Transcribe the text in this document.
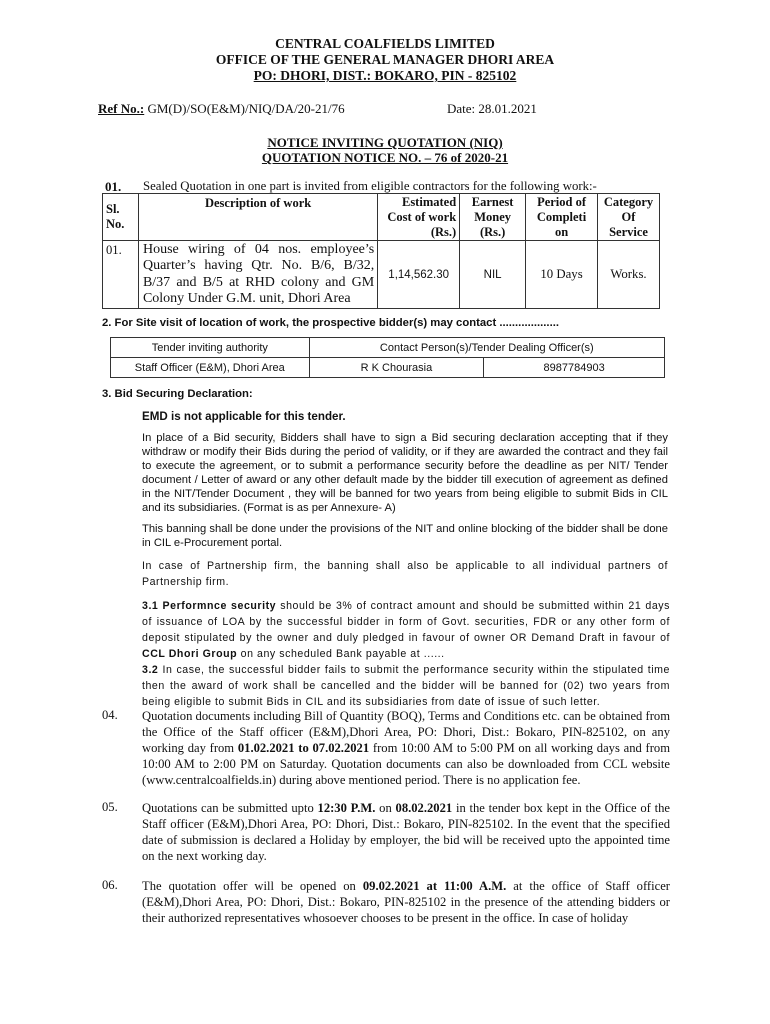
CENTRAL COALFIELDS LIMITED
OFFICE OF THE GENERAL MANAGER DHORI AREA
PO: DHORI, DIST.: BOKARO, PIN - 825102
Ref No.: GM(D)/SO(E&M)/NIQ/DA/20-21/76	Date: 28.01.2021
NOTICE INVITING QUOTATION (NIQ)
QUOTATION NOTICE NO. – 76 of 2020-21
01. Sealed Quotation in one part is invited from eligible contractors for the following work:-
Sl. No.	Description of work	Estimated Cost of work (Rs.)	Earnest Money (Rs.)	Period of Completi on	Category Of Service
01.	House wiring of 04 nos. employee’s Quarter’s having Qtr. No. B/6, B/32, B/37 and B/5 at RHD colony and GM Colony Under G.M. unit, Dhori Area	1,14,562.30	NIL	10 Days	Works.
2. For Site visit of location of work, the prospective bidder(s) may contact ...................
Tender inviting authority	Contact Person(s)/Tender Dealing Officer(s)	
Staff Officer (E&M), Dhori Area	R K Chourasia	8987784903
3. Bid Securing Declaration:
EMD is not applicable for this tender.
In place of a Bid security, Bidders shall have to sign a Bid securing declaration accepting that if they withdraw or modify their Bids during the period of validity, or if they are awarded the contract and they fail to execute the agreement, or to submit a performance security before the deadline as per NIT/ Tender document / Letter of award or any other default made by the bidder till execution of agreement as defined in the NIT/Tender Document , they will be banned for two years from being eligible to submit Bids in CIL and its subsidiaries. (Format is as per Annexure- A)
This banning shall be done under the provisions of the NIT and online blocking of the bidder shall be done in CIL e-Procurement portal.
In case of Partnership firm, the banning shall also be applicable to all individual partners of Partnership firm.
3.1 Performnce security should be 3% of contract amount and should be submitted within 21 days of issuance of LOA by the successful bidder in form of Govt. securities, FDR or any other form of deposit stipulated by the owner and duly pledged in favour of owner OR Demand Draft in favour of CCL Dhori Group on any scheduled Bank payable at ......
3.2 In case, the successful bidder fails to submit the performance security within the stipulated time then the award of work shall be cancelled and the bidder will be banned for (02) two years from being eligible to submit Bids in CIL and its subsidiaries from date of issue of such letter.
04. Quotation documents including Bill of Quantity (BOQ), Terms and Conditions etc. can be obtained from the Office of the Staff officer (E&M),Dhori Area, PO: Dhori, Dist.: Bokaro, PIN-825102, on any working day from 01.02.2021 to 07.02.2021 from 10:00 AM to 5:00 PM on all working days and from 10:00 AM to 2:00 PM on Saturday. Quotation documents can also be downloaded from CCL website (www.centralcoalfields.in) during above mentioned period. There is no application fee.
05. Quotations can be submitted upto 12:30 P.M. on 08.02.2021 in the tender box kept in the Office of the Staff officer (E&M),Dhori Area, PO: Dhori, Dist.: Bokaro, PIN-825102. In the event that the specified date of submission is declared a Holiday by employer, the bid will be received upto the appointed time on the next working day.
06. The quotation offer will be opened on 09.02.2021 at 11:00 A.M. at the office of Staff officer (E&M),Dhori Area, PO: Dhori, Dist.: Bokaro, PIN-825102 in the presence of the attending bidders or their authorized representatives whosoever chooses to be present in the office. In case of holiday
